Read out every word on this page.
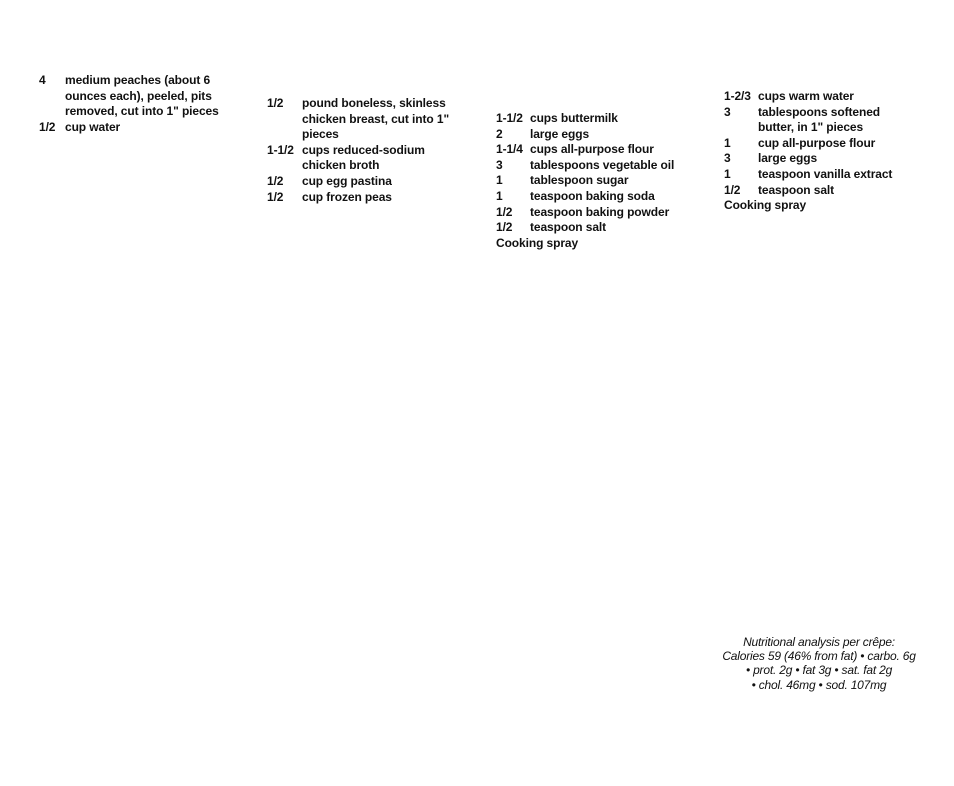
4	medium peaches (about 6 ounces each), peeled, pits removed, cut into 1" pieces
1/2 cup water
1/2	pound boneless, skinless chicken breast, cut into 1" pieces
1-1/2 cups reduced-sodium chicken broth
1/2	cup egg pastina
1/2	cup frozen peas
1-1/2 cups buttermilk
2	large eggs
1-1/4 cups all-purpose flour
3	tablespoons vegetable oil
1	tablespoon sugar
1	teaspoon baking soda
1/2	teaspoon baking powder
1/2	teaspoon salt
Cooking spray
1-2/3 cups warm water
3	tablespoons softened butter, in 1" pieces
1	cup all-purpose flour
3	large eggs
1	teaspoon vanilla extract
1/2	teaspoon salt
Cooking spray
Nutritional analysis per crêpe:
Calories 59 (46% from fat) • carbo. 6g
• prot. 2g • fat 3g • sat. fat 2g
• chol. 46mg • sod. 107mg
